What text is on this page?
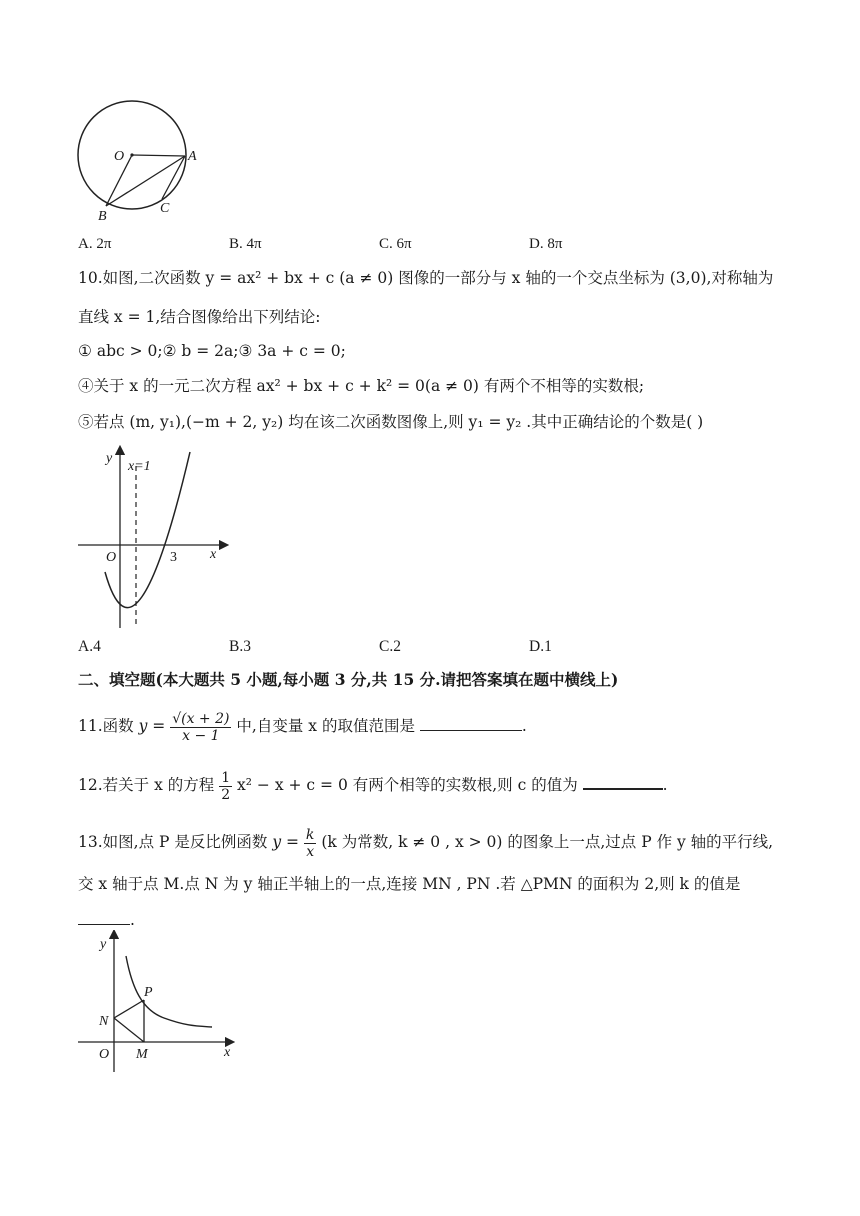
O	A
B
C
A. 2π	B. 4π	C. 6π	D. 8π
10.如图,二次函数 y = ax² + bx + c (a ≠ 0) 图像的一部分与 x 轴的一个交点坐标为 (3,0),对称轴为
直线 x = 1,结合图像给出下列结论:
① abc > 0;② b = 2a;③ 3a + c = 0;
④关于 x 的一元二次方程 ax² + bx + c + k² = 0(a ≠ 0) 有两个不相等的实数根;
⑤若点 (m, y₁),(−m + 2, y₂) 均在该二次函数图像上,则 y₁ = y₂ .其中正确结论的个数是( )
y
x=1
O	3 x
A.4	B.3	C.2	D.1
二、填空题(本大题共 5 小题,每小题 3 分,共 15 分.请把答案填在题中横线上)
11.函数 $y = \frac{√(x + 2)}{x - 1}$ 中,自变量 x 的取值范围是	.
12.若关于 x 的方程 $\frac{1}{2} x^2 - x + c = 0$ 有两个相等的实数根,则 c 的值为	.
13.如图,点 P 是反比例函数 $y = \frac{k}{x} (k$ 为常数, k ≠ 0 , x > 0) 的图象上一点,过点 P 作 y 轴的平行线,
交 x 轴于点 M.点 N 为 y 轴正半轴上的一点,连接 MN , PN .若 △PMN 的面积为 2,则 k 的值是
.
y
P
N
O M	x
